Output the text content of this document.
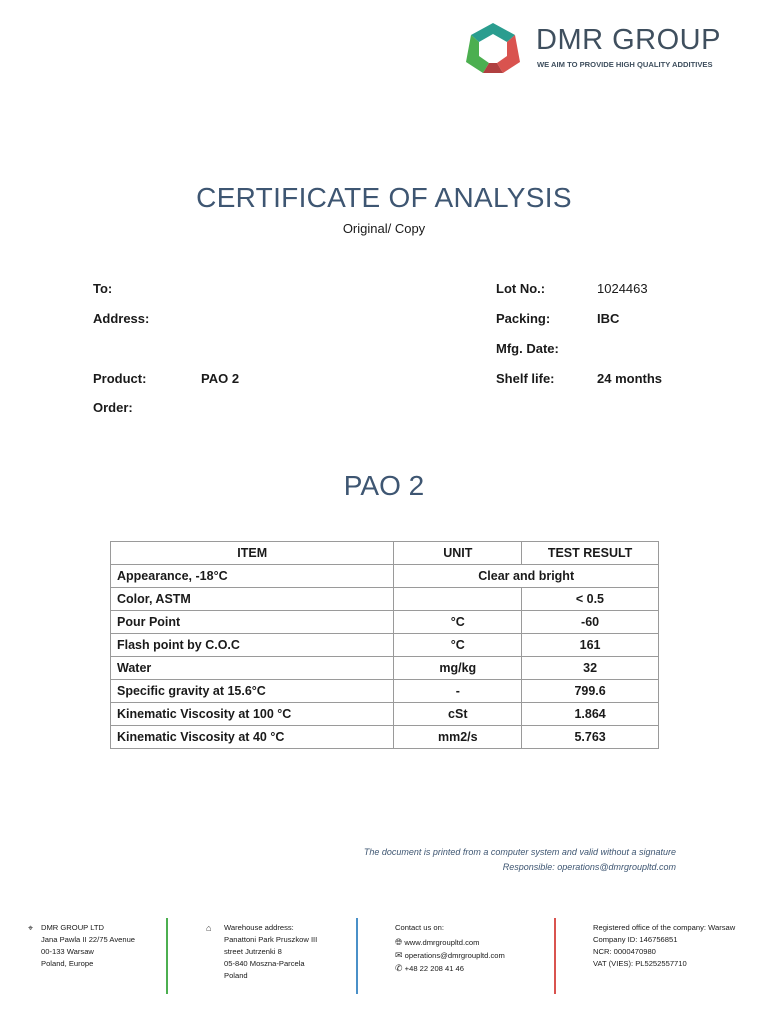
DMR GROUP
WE AIM TO PROVIDE HIGH QUALITY ADDITIVES
CERTIFICATE OF ANALYSIS
Original/ Copy
To:
Address:
Product:	PAO 2
Order:
Lot No.:	1024463
Packing:	IBC
Mfg. Date:
Shelf life:	24 months
PAO 2
ITEM	UNIT	TEST RESULT
Appearance, -18°C	Clear and bright	
Color, ASTM		< 0.5
Pour Point	°C	-60
Flash point by C.O.C	°C	161
Water	mg/kg	32
Specific gravity at 15.6°C	-	799.6
Kinematic Viscosity at 100 °C	cSt	1.864
Kinematic Viscosity at 40 °C	mm2/s	5.763
The document is printed from a computer system and valid without a signature
Responsible: operations@dmrgroupltd.com
⌖	DMR GROUP LTD
Jana Pawla II 22/75 Avenue
00-133 Warsaw
Poland, Europe
⌂	Warehouse address:
Panattoni Park Pruszkow III
street Jutrzenki 8
05-840 Moszna-Parcela
Poland
Contact us on:
🌐︎ www.dmrgroupltd.com
✉ operations@dmrgroupltd.com
✆ +48 22 208 41 46
Registered office of the company: Warsaw
Company ID: 146756851
NCR: 0000470980
VAT (VIES): PL5252557710
